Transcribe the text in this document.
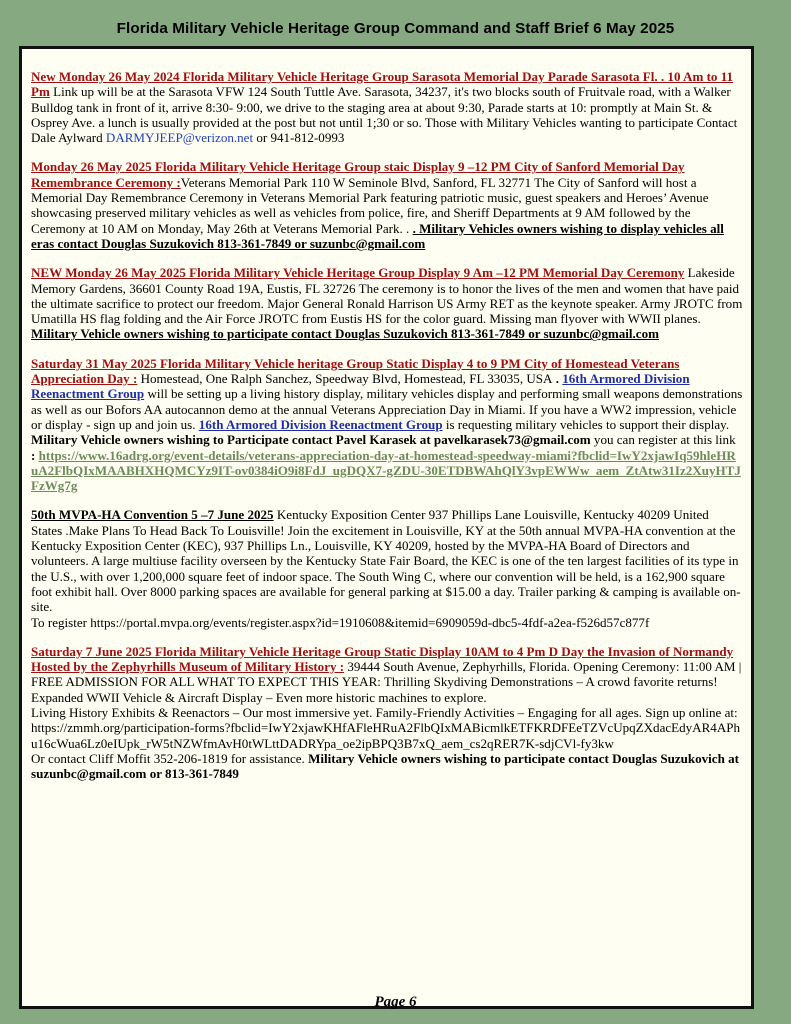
Florida Military Vehicle Heritage Group Command and Staff Brief 6 May 2025

New Monday 26 May 2024 Florida Military Vehicle Heritage Group Sarasota Memorial Day Parade Sarasota Fl. . 10 Am to 11 Pm Link up will be at the Sarasota VFW 124 South Tuttle Ave. Sarasota, 34237, it's two blocks south of Fruitvale road, with a Walker Bulldog tank in front of it, arrive 8:30- 9:00, we drive to the staging area at about 9:30, Parade starts at 10: promptly at Main St. & Osprey Ave. a lunch is usually provided at the post but not until 1;30 or so. Those with Military Vehicles wanting to participate Contact Dale Aylward DARMYJEEP@verizon.net or 941-812-0993

Monday 26 May 2025 Florida Military Vehicle Heritage Group staic Display 9 –12 PM City of Sanford Memorial Day Remembrance Ceremony :Veterans Memorial Park 110 W Seminole Blvd, Sanford, FL 32771 The City of Sanford will host a Memorial Day Remembrance Ceremony in Veterans Memorial Park featuring patriotic music, guest speakers and Heroes’ Avenue showcasing preserved military vehicles as well as vehicles from police, fire, and Sheriff Departments at 9 AM followed by the Ceremony at 10 AM on Monday, May 26th at Veterans Memorial Park. . . Military Vehicles owners wishing to display vehicles all eras contact Douglas Suzukovich 813-361-7849 or suzunbc@gmail.com

NEW Monday 26 May 2025 Florida Military Vehicle Heritage Group Display 9 Am –12 PM Memorial Day Ceremony Lakeside Memory Gardens, 36601 County Road 19A, Eustis, FL 32726 The ceremony is to honor the lives of the men and women that have paid the ultimate sacrifice to protect our freedom. Major General Ronald Harrison US Army RET as the keynote speaker. Army JROTC from Umatilla HS flag folding and the Air Force JROTC from Eustis HS for the color guard. Missing man flyover with WWII planes. Military Vehicle owners wishing to participate contact Douglas Suzukovich 813-361-7849 or suzunbc@gmail.com

Saturday 31 May 2025 Florida Military Vehicle heritage Group Static Display 4 to 9 PM City of Homestead Veterans Appreciation Day : Homestead, One Ralph Sanchez, Speedway Blvd, Homestead, FL 33035, USA . 16th Armored Division Reenactment Group will be setting up a living history display, military vehicles display and performing small weapons demonstrations as well as our Bofors AA autocannon demo at the annual Veterans Appreciation Day in Miami. If you have a WW2 impression, vehicle or display - sign up and join us. 16th Armored Division Reenactment Group is requesting military vehicles to support their display. Military Vehicle owners wishing to Participate contact Pavel Karasek at pavelkarasek73@gmail.com you can register at this link : https://www.16adrg.org/event-details/veterans-appreciation-day-at-homestead-speedway-miami?fbclid=IwY2xjawIq59hleHRuA2FlbQIxMAABHXHQMCYz9IT-ov0384iO9i8FdJ_ugDQX7-gZDU-30ETDBWAhQlY3vpEWWw_aem_ZtAtw31Iz2XuyHTJFzWg7g

50th MVPA-HA Convention 5 –7 June 2025 Kentucky Exposition Center 937 Phillips Lane Louisville, Kentucky 40209 United States .Make Plans To Head Back To Louisville! Join the excitement in Louisville, KY at the 50th annual MVPA-HA convention at the Kentucky Exposition Center (KEC), 937 Phillips Ln., Louisville, KY 40209, hosted by the MVPA-HA Board of Directors and volunteers. A large multiuse facility overseen by the Kentucky State Fair Board, the KEC is one of the ten largest facilities of its type in the U.S., with over 1,200,000 square feet of indoor space. The South Wing C, where our convention will be held, is a 162,900 square foot exhibit hall. Over 8000 parking spaces are available for general parking at $15.00 a day. Trailer parking & camping is available on-site.

To register https://portal.mvpa.org/events/register.aspx?id=1910608&itemid=6909059d-dbc5-4fdf-a2ea-f526d57c877f

Saturday 7 June 2025 Florida Military Vehicle Heritage Group Static Display 10AM to 4 Pm D Day the Invasion of Normandy Hosted by the Zephyrhills Museum of Military History : 39444 South Avenue, Zephyrhills, Florida. Opening Ceremony: 11:00 AM | FREE ADMISSION FOR ALL WHAT TO EXPECT THIS YEAR: Thrilling Skydiving Demonstrations – A crowd favorite returns!

Expanded WWII Vehicle & Aircraft Display – Even more historic machines to explore.

Living History Exhibits & Reenactors – Our most immersive yet. Family-Friendly Activities – Engaging for all ages. Sign up online at: https://zmmh.org/participation-forms?fbclid=IwY2xjawKHfAFleHRuA2FlbQIxMABicmlkETFKRDFEeTZVcUpqZXdacEdyAR4APhu16cWua6Lz0eIUpk_rW5tNZWfmAvH0tWLttDADRYpa_oe2ipBPQ3B7xQ_aem_cs2qRER7K-sdjCVl-fy3kw

Or contact Cliff Moffit 352-206-1819 for assistance. Military Vehicle owners wishing to participate contact Douglas Suzukovich at suzunbc@gmail.com or 813-361-7849

Page 6
